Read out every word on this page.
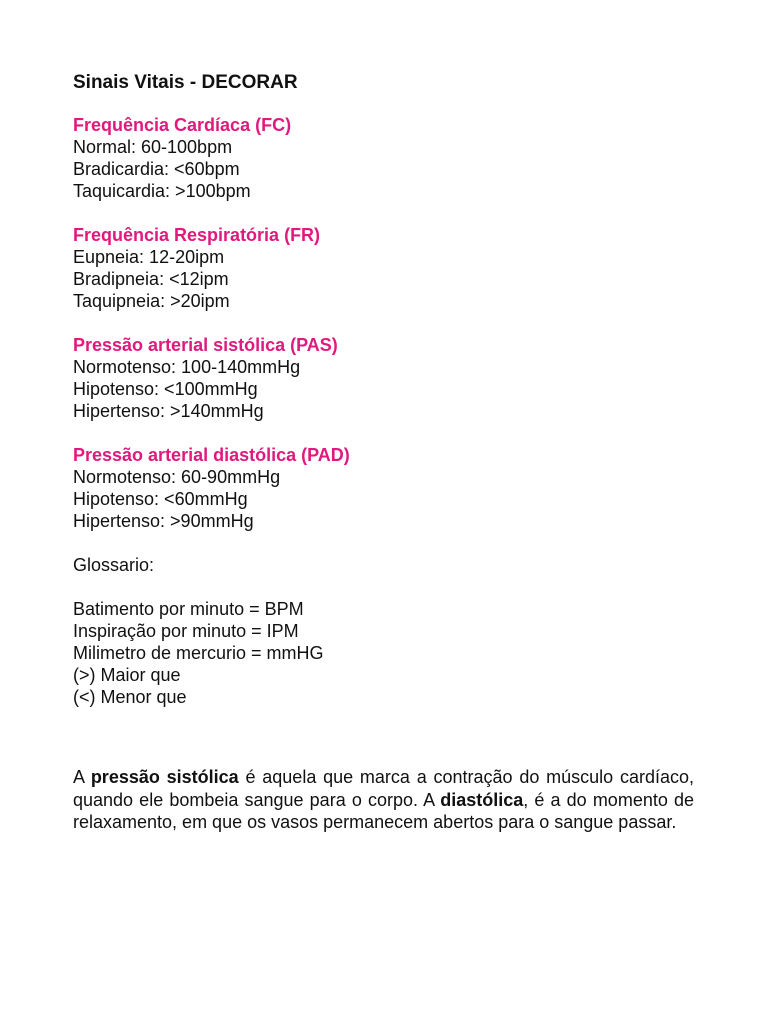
Sinais Vitais - DECORAR
Frequência Cardíaca (FC)
Normal: 60-100bpm
Bradicardia: <60bpm
Taquicardia: >100bpm
Frequência Respiratória (FR)
Eupneia: 12-20ipm
Bradipneia: <12ipm
Taquipneia: >20ipm
Pressão arterial sistólica (PAS)
Normotenso: 100-140mmHg
Hipotenso: <100mmHg
Hipertenso: >140mmHg
Pressão arterial diastólica (PAD)
Normotenso: 60-90mmHg
Hipotenso: <60mmHg
Hipertenso: >90mmHg
Glossario:
Batimento por minuto = BPM
Inspiração por minuto = IPM
Milimetro de mercurio = mmHG
(>) Maior que
(<) Menor que

A pressão sistólica é aquela que marca a contração do músculo cardíaco, quando ele bombeia sangue para o corpo. A diastólica, é a do momento de relaxamento, em que os vasos permanecem abertos para o sangue passar.
